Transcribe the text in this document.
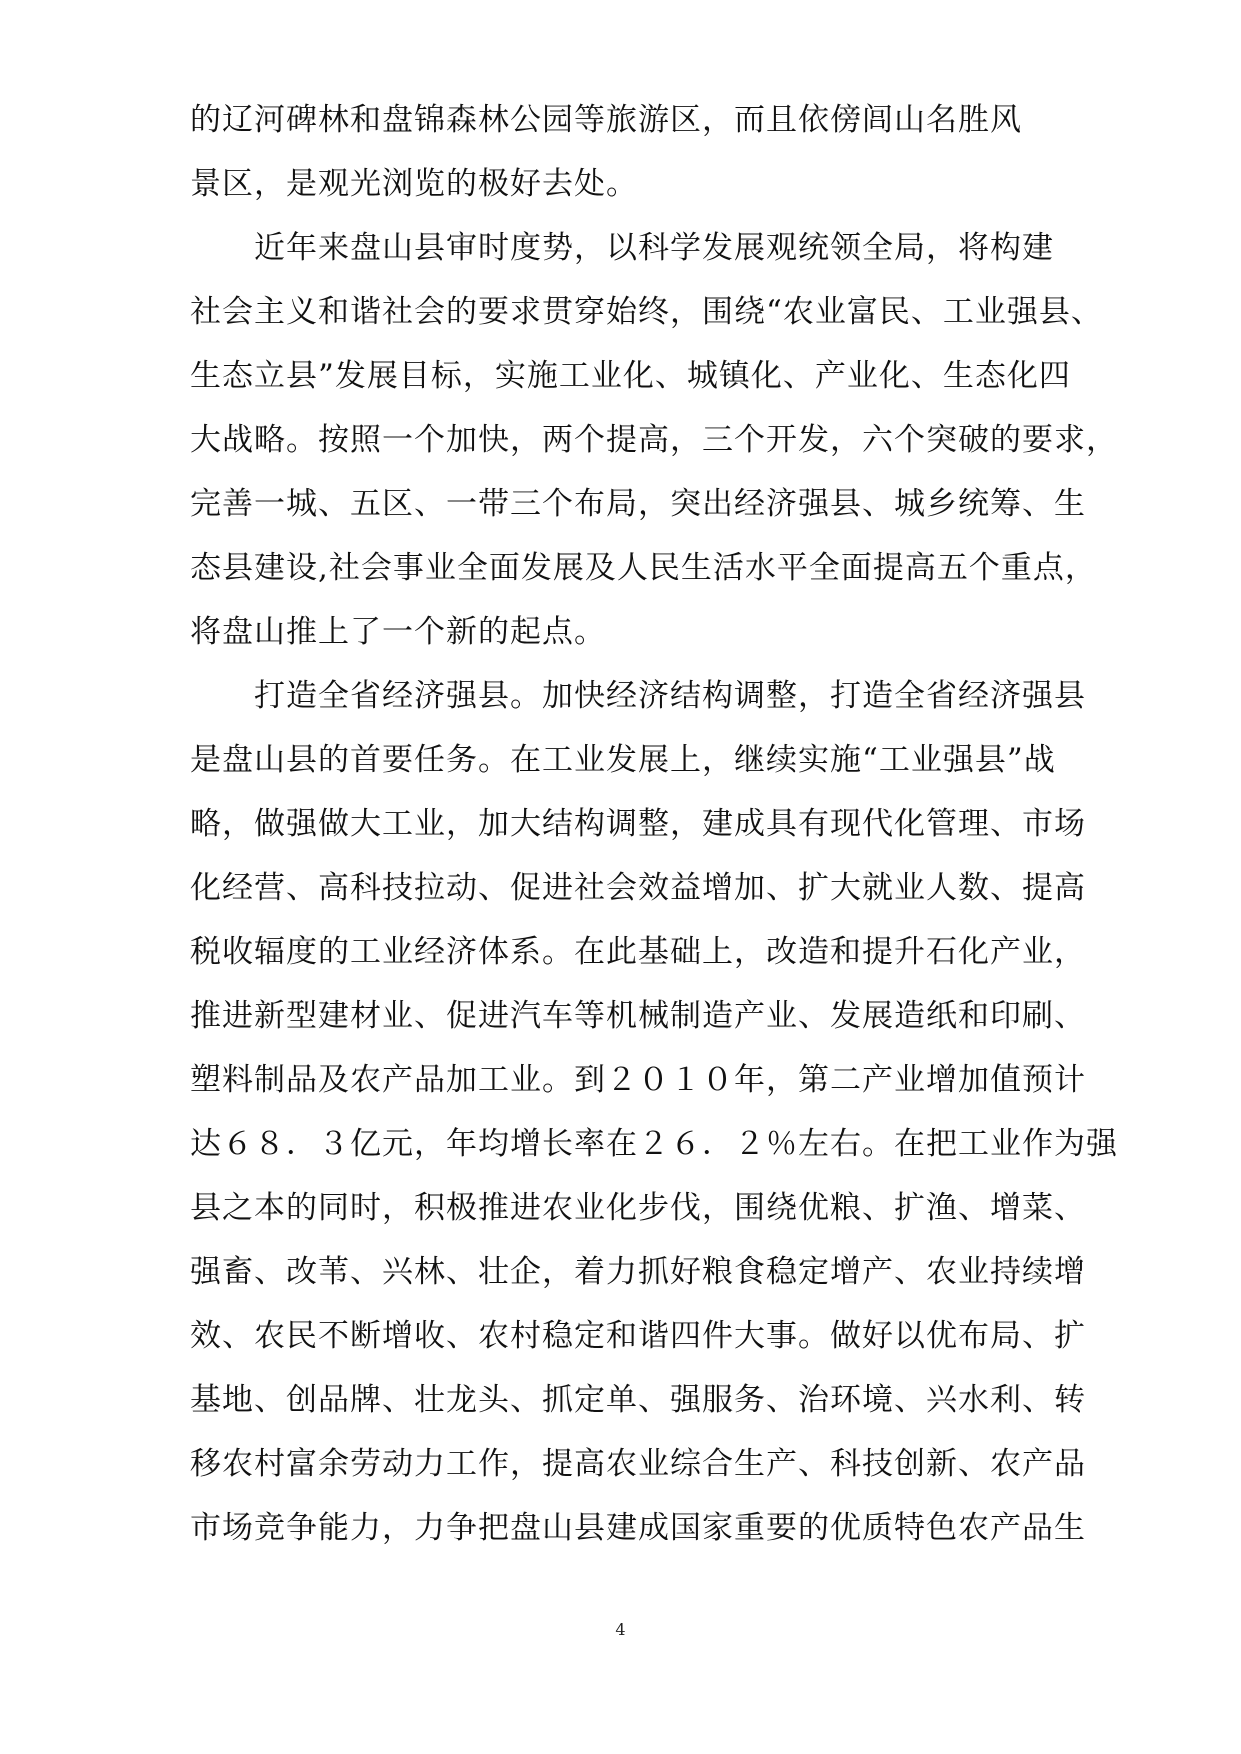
的辽河碑林和盘锦森林公园等旅游区，而且依傍闾山名胜风
景区，是观光浏览的极好去处。
近年来盘山县审时度势，以科学发展观统领全局，将构建
社会主义和谐社会的要求贯穿始终，围绕“农业富民、工业强县、
生态立县”发展目标，实施工业化、城镇化、产业化、生态化四
大战略。按照一个加快，两个提高，三个开发，六个突破的要求，
完善一城、五区、一带三个布局，突出经济强县、城乡统筹、生
态县建设,社会事业全面发展及人民生活水平全面提高五个重点，
将盘山推上了一个新的起点。
打造全省经济强县。加快经济结构调整，打造全省经济强县
是盘山县的首要任务。在工业发展上，继续实施“工业强县”战
略，做强做大工业，加大结构调整，建成具有现代化管理、市场
化经营、高科技拉动、促进社会效益增加、扩大就业人数、提高
税收辐度的工业经济体系。在此基础上，改造和提升石化产业，
推进新型建材业、促进汽车等机械制造产业、发展造纸和印刷、
塑料制品及农产品加工业。到２０１０年，第二产业增加值预计
达６８．３亿元，年均增长率在２６．２％左右。在把工业作为强
县之本的同时，积极推进农业化步伐，围绕优粮、扩渔、增菜、
强畜、改苇、兴林、壮企，着力抓好粮食稳定增产、农业持续增
效、农民不断增收、农村稳定和谐四件大事。做好以优布局、扩
基地、创品牌、壮龙头、抓定单、强服务、治环境、兴水利、转
移农村富余劳动力工作，提高农业综合生产、科技创新、农产品
市场竞争能力，力争把盘山县建成国家重要的优质特色农产品生
4
